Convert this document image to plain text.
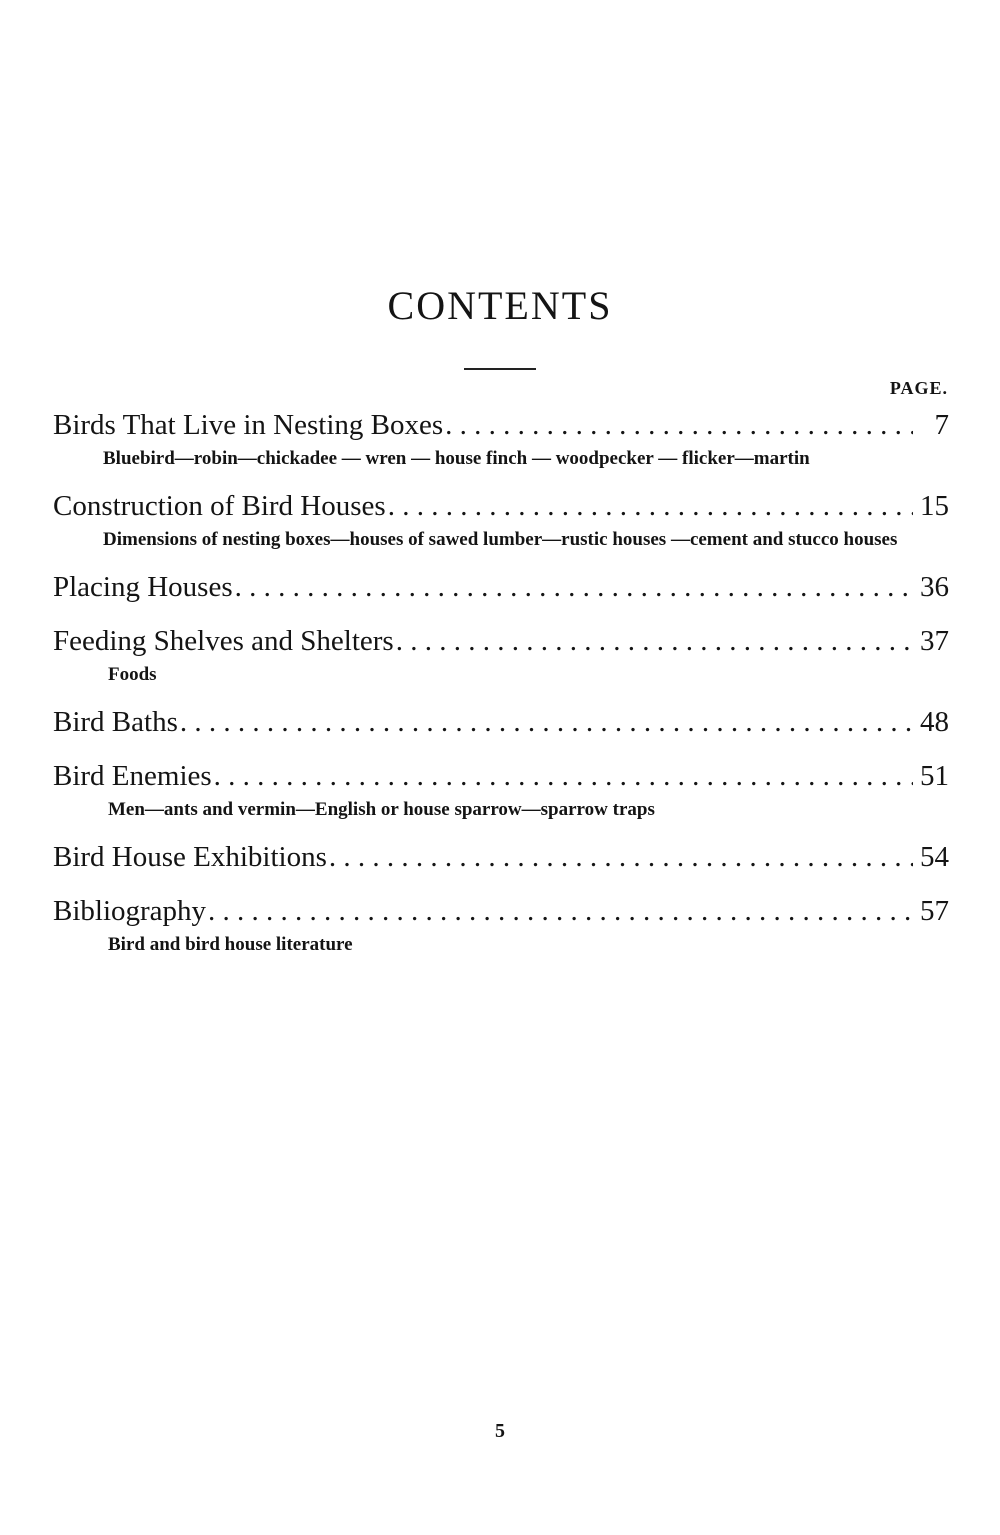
CONTENTS
PAGE.
Birds That Live in Nesting Boxes . . .	7
Bluebird—robin—chickadee — wren — house finch — woodpecker — flicker—martin
Construction of Bird Houses . . .	15
Dimensions of nesting boxes—houses of sawed lumber—rustic houses —cement and stucco houses
Placing Houses . . .	36
Feeding Shelves and Shelters . . .	37
Foods
Bird Baths . . .	48
Bird Enemies . . .	51
Men—ants and vermin—English or house sparrow—sparrow traps
Bird House Exhibitions . . .	54
Bibliography . . .	57
Bird and bird house literature
5
